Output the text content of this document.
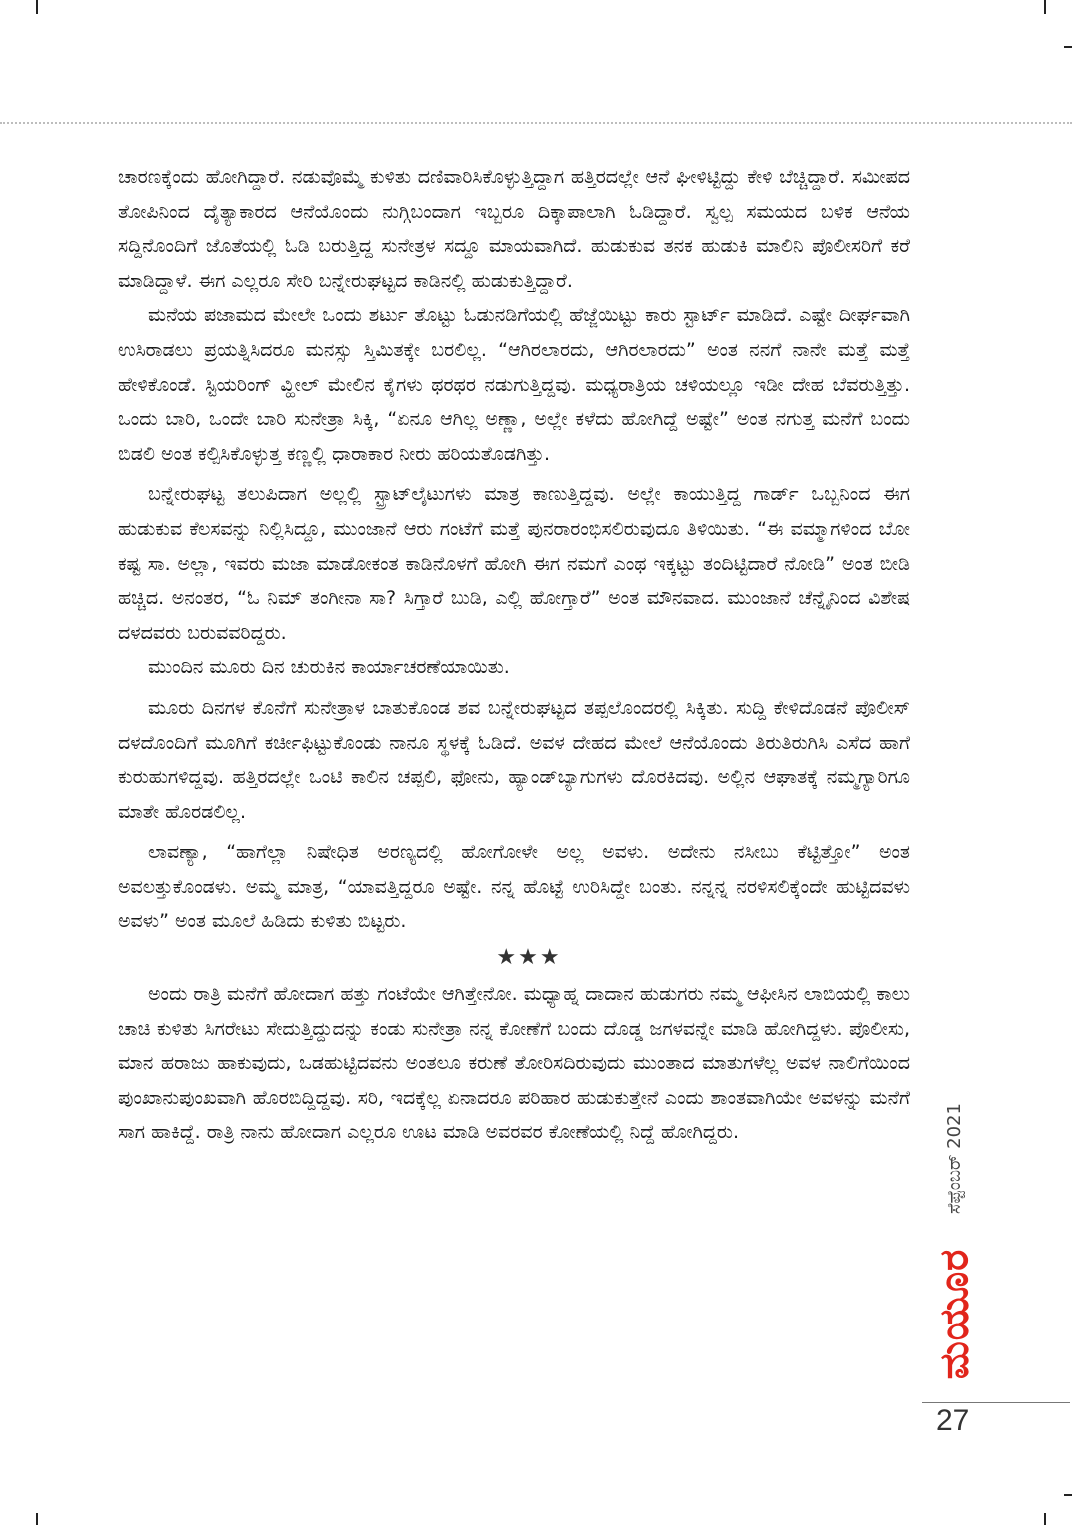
ಚಾರಣಕ್ಕೆಂದು ಹೋಗಿದ್ದಾರೆ. ನಡುವೊಮ್ಮೆ ಕುಳಿತು ದಣಿವಾರಿಸಿಕೊಳ್ಳುತ್ತಿದ್ದಾಗ ಹತ್ತಿರದಲ್ಲೇ ಆನೆ ಘೀಳಿಟ್ಟಿದ್ದು ಕೇಳಿ ಬೆಚ್ಚಿದ್ದಾರೆ. ಸಮೀಪದ ತೋಪಿನಿಂದ ದೈತ್ಯಾಕಾರದ ಆನೆಯೊಂದು ನುಗ್ಗಿಬಂದಾಗ ಇಬ್ಬರೂ ದಿಕ್ಕಾಪಾಲಾಗಿ ಓಡಿದ್ದಾರೆ. ಸ್ವಲ್ಪ ಸಮಯದ ಬಳಿಕ ಆನೆಯ ಸದ್ದಿನೊಂದಿಗೆ ಜೊತೆಯಲ್ಲಿ ಓಡಿ ಬರುತ್ತಿದ್ದ ಸುನೇತ್ರಳ ಸದ್ದೂ ಮಾಯವಾಗಿದೆ. ಹುಡುಕುವ ತನಕ ಹುಡುಕಿ ಮಾಲಿನಿ ಪೊಲೀಸರಿಗೆ ಕರೆ ಮಾಡಿದ್ದಾಳೆ. ಈಗ ಎಲ್ಲರೂ ಸೇರಿ ಬನ್ನೇರುಘಟ್ಟದ ಕಾಡಿನಲ್ಲಿ ಹುಡುಕುತ್ತಿದ್ದಾರೆ.

ಮನೆಯ ಪಜಾಮದ ಮೇಲೇ ಒಂದು ಶರ್ಟು ತೊಟ್ಟು ಓಡುನಡಿಗೆಯಲ್ಲಿ ಹೆಜ್ಜೆಯಿಟ್ಟು ಕಾರು ಸ್ಟಾರ್ಟ್ ಮಾಡಿದೆ. ಎಷ್ಟೇ ದೀರ್ಘವಾಗಿ ಉಸಿರಾಡಲು ಪ್ರಯತ್ನಿಸಿದರೂ ಮನಸ್ಸು ಸ್ತಿಮಿತಕ್ಕೇ ಬರಲಿಲ್ಲ. “ಆಗಿರಲಾರದು, ಆಗಿರಲಾರದು” ಅಂತ ನನಗೆ ನಾನೇ ಮತ್ತೆ ಮತ್ತೆ ಹೇಳಿಕೊಂಡೆ. ಸ್ಟಿಯರಿಂಗ್ ವ್ಹೀಲ್ ಮೇಲಿನ ಕೈಗಳು ಥರಥರ ನಡುಗುತ್ತಿದ್ದವು. ಮಧ್ಯರಾತ್ರಿಯ ಚಳಿಯಲ್ಲೂ ಇಡೀ ದೇಹ ಬೆವರುತ್ತಿತ್ತು. ಒಂದು ಬಾರಿ, ಒಂದೇ ಬಾರಿ ಸುನೇತ್ರಾ ಸಿಕ್ಕಿ, “ಏನೂ ಆಗಿಲ್ಲ ಅಣ್ಣಾ, ಅಲ್ಲೇ ಕಳೆದು ಹೋಗಿದ್ದೆ ಅಷ್ಟೇ” ಅಂತ ನಗುತ್ತ ಮನೆಗೆ ಬಂದು ಬಿಡಲಿ ಅಂತ ಕಲ್ಪಿಸಿಕೊಳ್ಳುತ್ತ ಕಣ್ಣಲ್ಲಿ ಧಾರಾಕಾರ ನೀರು ಹರಿಯತೊಡಗಿತ್ತು.

ಬನ್ನೇರುಘಟ್ಟ ತಲುಪಿದಾಗ ಅಲ್ಲಲ್ಲಿ ಸ್ಟ್ರಾಟ್‌ಲೈಟುಗಳು ಮಾತ್ರ ಕಾಣುತ್ತಿದ್ದವು. ಅಲ್ಲೇ ಕಾಯುತ್ತಿದ್ದ ಗಾರ್ಡ್ ಒಬ್ಬನಿಂದ ಈಗ ಹುಡುಕುವ ಕೆಲಸವನ್ನು ನಿಲ್ಲಿಸಿದ್ದೂ, ಮುಂಜಾನೆ ಆರು ಗಂಟೆಗೆ ಮತ್ತೆ ಪುನರಾರಂಭಿಸಲಿರುವುದೂ ತಿಳಿಯಿತು. “ಈ ವಮ್ಮಾಗಳಿಂದ ಬೋ ಕಷ್ಟ ಸಾ. ಅಲ್ಲಾ, ಇವರು ಮಜಾ ಮಾಡೋಕಂತ ಕಾಡಿನೊಳಗೆ ಹೋಗಿ ಈಗ ನಮಗೆ ಎಂಥ ಇಕ್ಕಟ್ಟು ತಂದಿಟ್ಟಿದಾರೆ ನೋಡಿ” ಅಂತ ಬೀಡಿ ಹಚ್ಚಿದ. ಅನಂತರ, “ಓ ನಿಮ್ ತಂಗೀನಾ ಸಾ? ಸಿಗ್ತಾರೆ ಬುಡಿ, ಎಲ್ಲಿ ಹೋಗ್ತಾರೆ” ಅಂತ ಮೌನವಾದ. ಮುಂಜಾನೆ ಚೆನ್ನೈನಿಂದ ವಿಶೇಷ ದಳದವರು ಬರುವವರಿದ್ದರು.

ಮುಂದಿನ ಮೂರು ದಿನ ಚುರುಕಿನ ಕಾರ್ಯಾಚರಣೆಯಾಯಿತು.

ಮೂರು ದಿನಗಳ ಕೊನೆಗೆ ಸುನೇತ್ರಾಳ ಬಾತುಕೊಂಡ ಶವ ಬನ್ನೇರುಘಟ್ಟದ ತಪ್ಪಲೊಂದರಲ್ಲಿ ಸಿಕ್ಕಿತು. ಸುದ್ದಿ ಕೇಳಿದೊಡನೆ ಪೊಲೀಸ್ ದಳದೊಂದಿಗೆ ಮೂಗಿಗೆ ಕರ್ಚೀಫಿಟ್ಟುಕೊಂಡು ನಾನೂ ಸ್ಥಳಕ್ಕೆ ಓಡಿದೆ. ಅವಳ ದೇಹದ ಮೇಲೆ ಆನೆಯೊಂದು ತಿರುತಿರುಗಿಸಿ ಎಸೆದ ಹಾಗೆ ಕುರುಹುಗಳಿದ್ದವು. ಹತ್ತಿರದಲ್ಲೇ ಒಂಟಿ ಕಾಲಿನ ಚಪ್ಪಲಿ, ಫೋನು, ಹ್ಯಾಂಡ್‌ಬ್ಯಾಗುಗಳು ದೊರಕಿದವು. ಅಲ್ಲಿನ ಆಘಾತಕ್ಕೆ ನಮ್ಮಗ್ಯಾರಿಗೂ ಮಾತೇ ಹೊರಡಲಿಲ್ಲ.

ಲಾವಣ್ಯಾ, “ಹಾಗೆಲ್ಲಾ ನಿಷೇಧಿತ ಅರಣ್ಯದಲ್ಲಿ ಹೋಗೋಳೇ ಅಲ್ಲ ಅವಳು. ಅದೇನು ನಸೀಬು ಕೆಟ್ಟಿತ್ತೋ” ಅಂತ ಅವಲತ್ತುಕೊಂಡಳು. ಅಮ್ಮ ಮಾತ್ರ, “ಯಾವತ್ತಿದ್ದರೂ ಅಷ್ಟೇ. ನನ್ನ ಹೊಟ್ಟೆ ಉರಿಸಿದ್ದೇ ಬಂತು. ನನ್ನನ್ನ ನರಳಿಸಲಿಕ್ಕೆಂದೇ ಹುಟ್ಟಿದವಳು ಅವಳು” ಅಂತ ಮೂಲೆ ಹಿಡಿದು ಕುಳಿತು ಬಿಟ್ಟರು.

★★★

ಅಂದು ರಾತ್ರಿ ಮನೆಗೆ ಹೋದಾಗ ಹತ್ತು ಗಂಟೆಯೇ ಆಗಿತ್ತೇನೋ. ಮಧ್ಯಾಹ್ನ ದಾದಾನ ಹುಡುಗರು ನಮ್ಮ ಆಫೀಸಿನ ಲಾಬಿಯಲ್ಲಿ ಕಾಲು ಚಾಚಿ ಕುಳಿತು ಸಿಗರೇಟು ಸೇದುತ್ತಿದ್ದುದನ್ನು ಕಂಡು ಸುನೇತ್ರಾ ನನ್ನ ಕೋಣೆಗೆ ಬಂದು ದೊಡ್ಡ ಜಗಳವನ್ನೇ ಮಾಡಿ ಹೋಗಿದ್ದಳು. ಪೊಲೀಸು, ಮಾನ ಹರಾಜು ಹಾಕುವುದು, ಒಡಹುಟ್ಟಿದವನು ಅಂತಲೂ ಕರುಣೆ ತೋರಿಸದಿರುವುದು ಮುಂತಾದ ಮಾತುಗಳೆಲ್ಲ ಅವಳ ನಾಲಿಗೆಯಿಂದ ಪುಂಖಾನುಪುಂಖವಾಗಿ ಹೊರಬಿದ್ದಿದ್ದವು. ಸರಿ, ಇದಕ್ಕೆಲ್ಲ ಏನಾದರೂ ಪರಿಹಾರ ಹುಡುಕುತ್ತೇನೆ ಎಂದು ಶಾಂತವಾಗಿಯೇ ಅವಳನ್ನು ಮನೆಗೆ ಸಾಗ ಹಾಕಿದ್ದೆ. ರಾತ್ರಿ ನಾನು ಹೋದಾಗ ಎಲ್ಲರೂ ಊಟ ಮಾಡಿ ಅವರವರ ಕೋಣೆಯಲ್ಲಿ ನಿದ್ದೆ ಹೋಗಿದ್ದರು.	ಸೆಪ್ಟೆಂಬರ್ 2021
ಮಯೂರ
27
